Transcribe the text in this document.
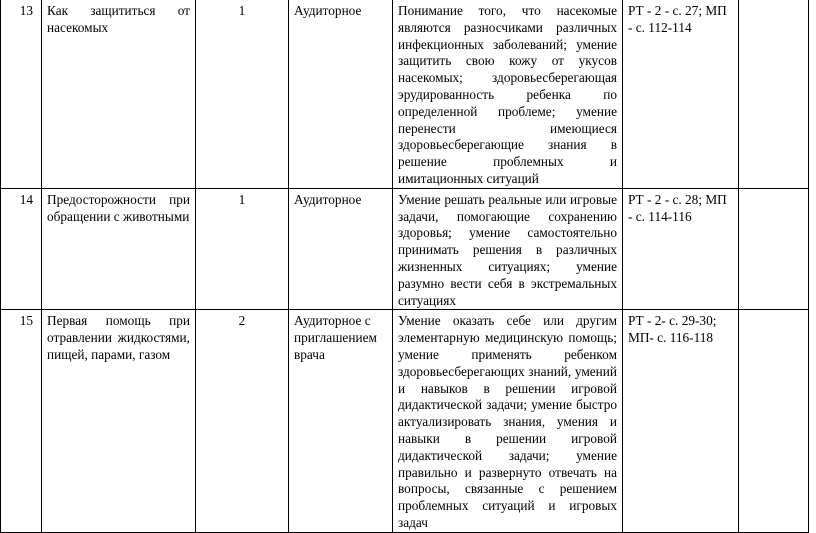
13	Как защититься от насекомых	1	Аудиторное	Понимание того, что насекомые являются разносчиками различных инфекционных заболеваний; умение защитить свою кожу от укусов насекомых; здоровьесберегающая эрудированность ребенка по определенной проблеме; умение перенести имеющиеся здоровьесберегающие знания в решение проблемных и имитационных ситуаций	РТ - 2 - с. 27; МП - с. 112-114	
14	Предосторожности при обращении с животными	1	Аудиторное	Умение решать реальные или игровые задачи, помогающие сохранению здоровья; умение самостоятельно принимать решения в различных жизненных ситуациях; умение разумно вести себя в экстремальных ситуациях	РТ - 2 - с. 28; МП - с. 114-116	
15	Первая помощь при отравлении жидкостями, пищей, парами, газом	2	Аудиторное с приглашением врача	Умение оказать себе или другим элементарную медицинскую помощь; умение применять ребенком здоровьесберегающих знаний, умений и навыков в решении игровой дидактической задачи; умение быстро актуализировать знания, умения и навыки в решении игровой дидактической задачи; умение правильно и развернуто отвечать на вопросы, связанные с решением проблемных ситуаций и игровых задач	РТ - 2- с. 29-30; МП- с. 116-118	
